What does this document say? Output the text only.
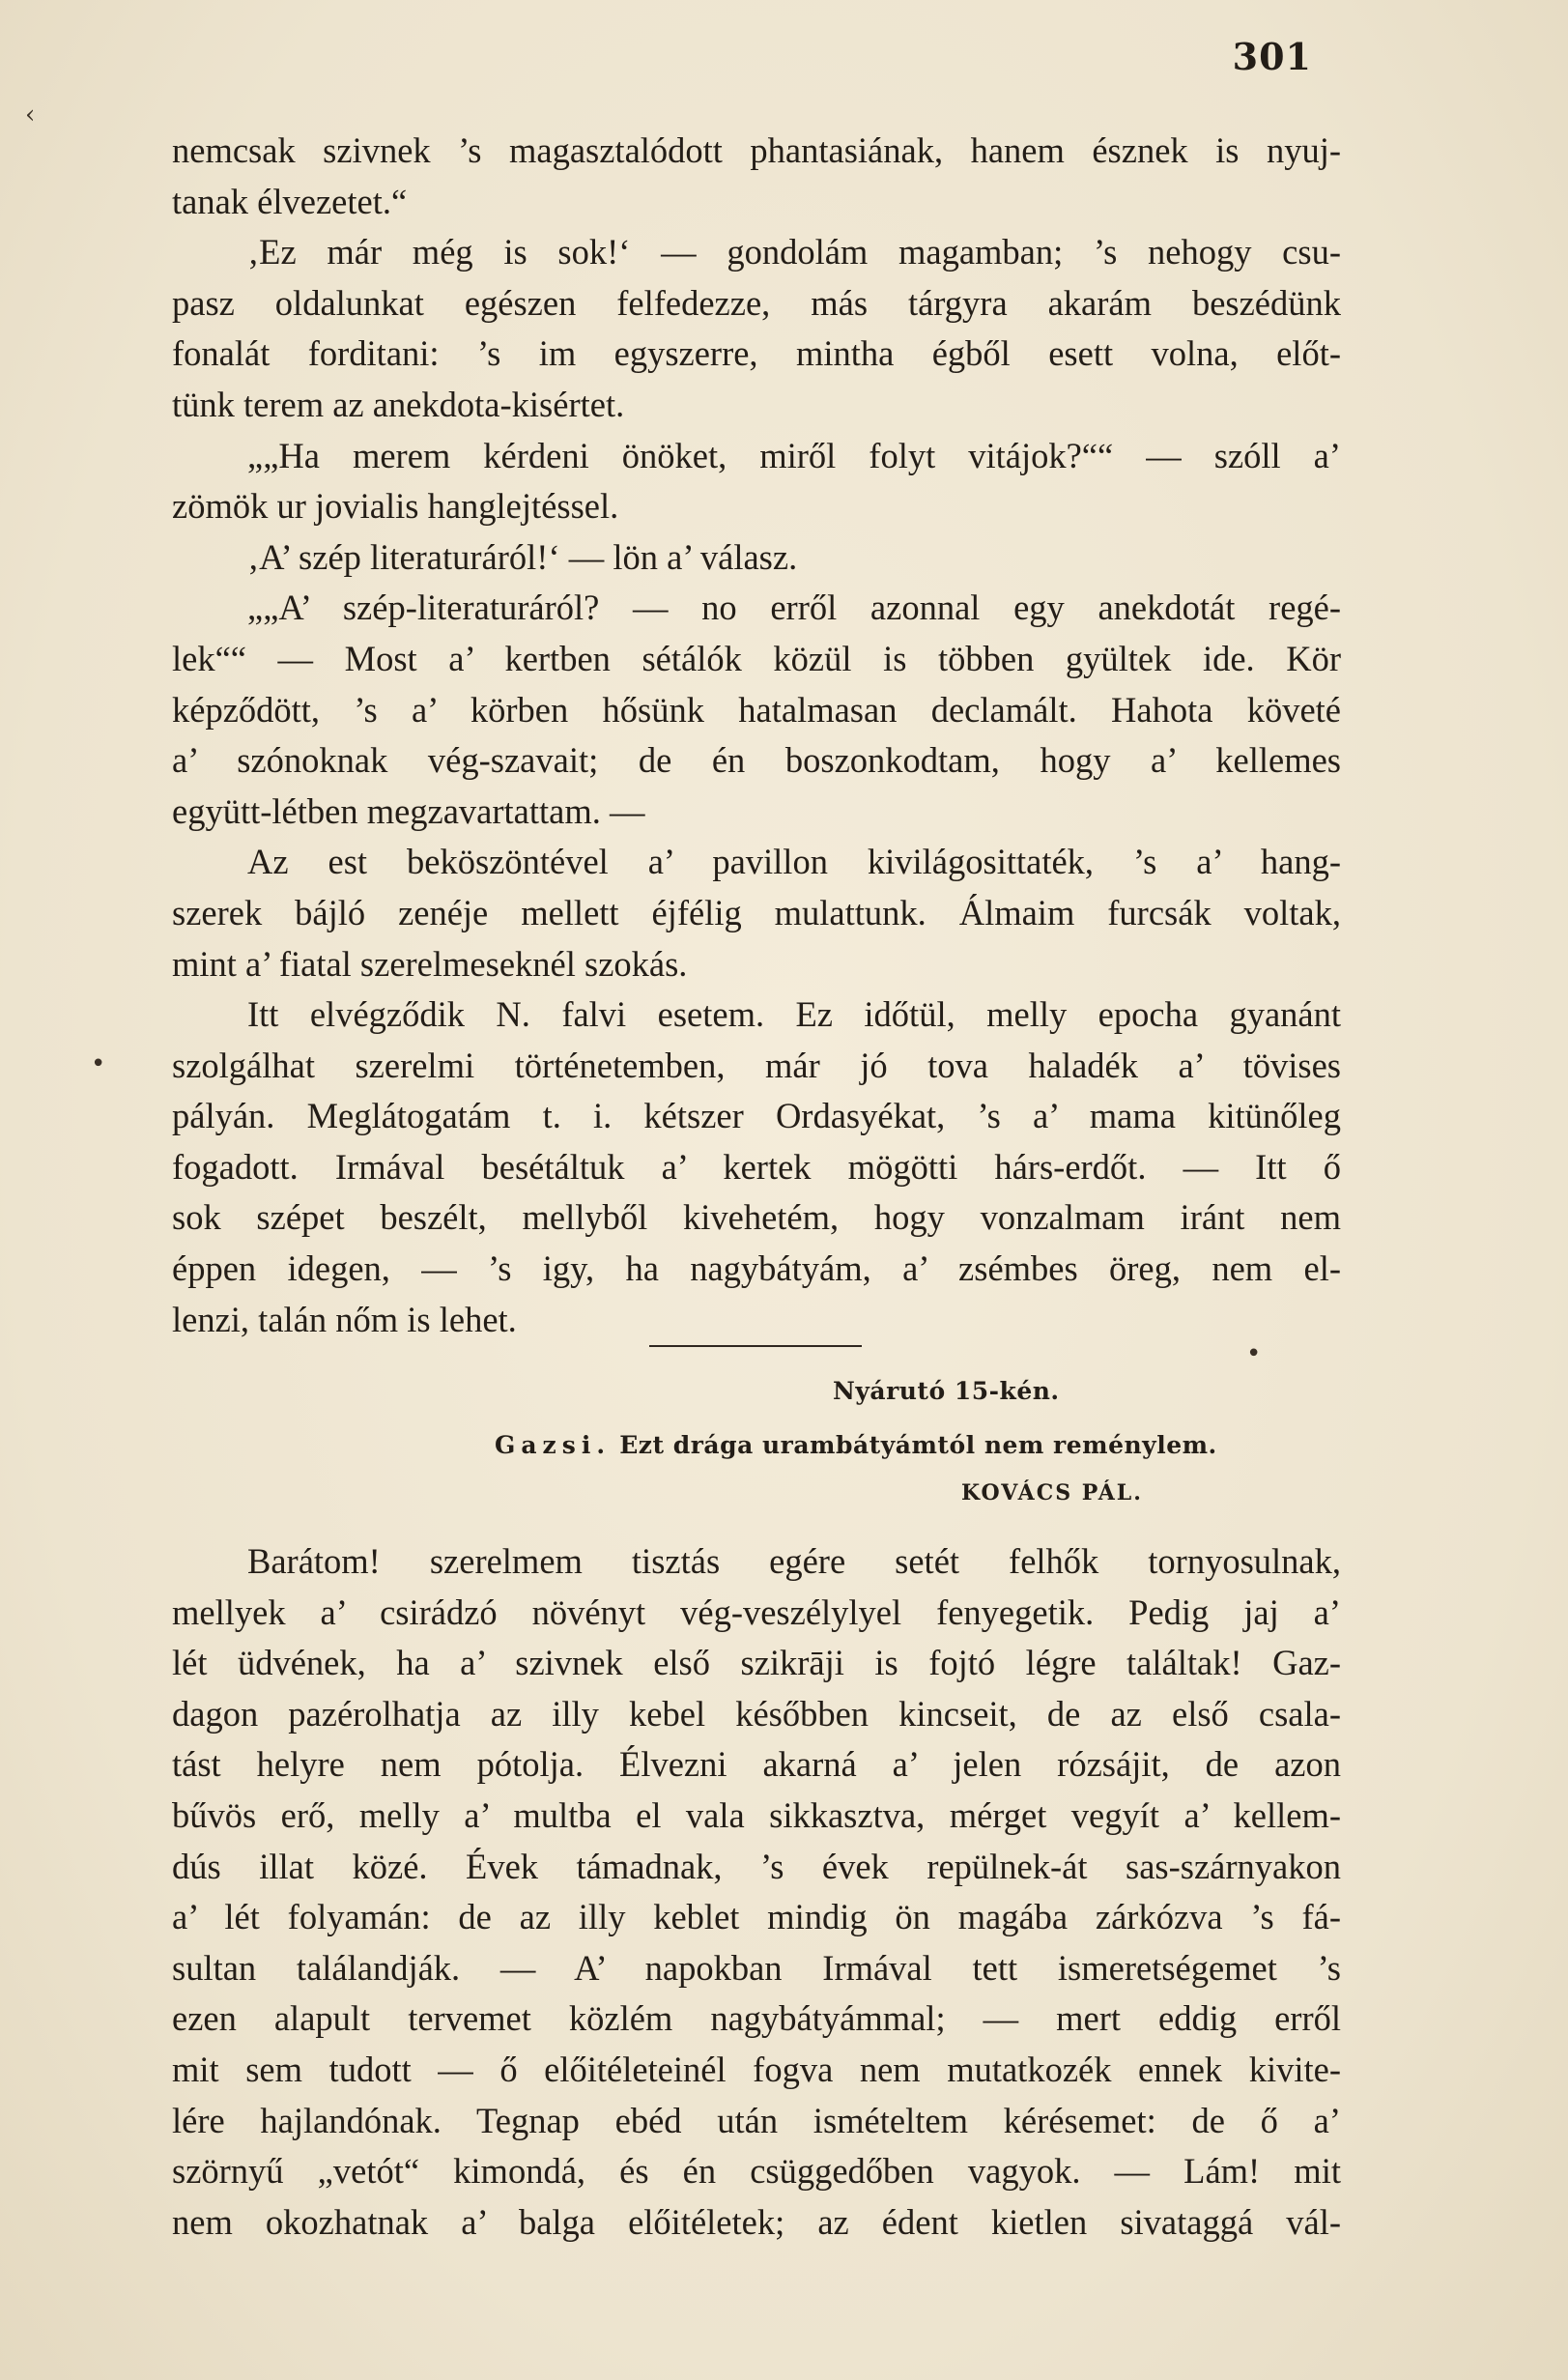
301
‹
•
•
nemcsak szivnek ’s magasztalódott phantasiának, hanem észnek is nyuj-
tanak élvezetet.“
‚Ez már még is sok!‘ — gondolám magamban; ’s nehogy csu-
pasz oldalunkat egészen felfedezze, más tárgyra akarám beszédünk
fonalát forditani: ’s im egyszerre, mintha égből esett volna, előt-
tünk terem az anekdota-kisértet.
„„Ha merem kérdeni önöket, miről folyt vitájok?““ — szóll a’
zömök ur jovialis hanglejtéssel.
‚A’ szép literaturáról!‘ — lön a’ válasz.
„„A’ szép-literaturáról? — no erről azonnal egy anekdotát regé-
lek““ — Most a’ kertben sétálók közül is többen gyültek ide. Kör
képződött, ’s a’ körben hősünk hatalmasan declamált. Hahota követé
a’ szónoknak vég-szavait; de én boszonkodtam, hogy a’ kellemes
együtt-létben megzavartattam. —
Az est beköszöntével a’ pavillon kivilágosittaték, ’s a’ hang-
szerek bájló zenéje mellett éjfélig mulattunk. Álmaim furcsák voltak,
mint a’ fiatal szerelmeseknél szokás.
Itt elvégződik N. falvi esetem. Ez időtül, melly epocha gyanánt
szolgálhat szerelmi történetemben, már jó tova haladék a’ tövises
pályán. Meglátogatám t. i. kétszer Ordasyékat, ’s a’ mama kitünőleg
fogadott. Irmával besétáltuk a’ kertek mögötti hárs-erdőt. — Itt ő
sok szépet beszélt, mellyből kivehetém, hogy vonzalmam iránt nem
éppen idegen, — ’s igy, ha nagybátyám, a’ zsémbes öreg, nem el-
lenzi, talán nőm is lehet.
Nyárutó 15-kén.
Gazsi. Ezt drága urambátyámtól nem reménylem.
KOVÁCS PÁL.
Barátom! szerelmem tisztás egére setét felhők tornyosulnak,
mellyek a’ csirádzó növényt vég-veszélylyel fenyegetik. Pedig jaj a’
lét üdvének, ha a’ szivnek első szikrāji is fojtó légre találtak! Gaz-
dagon pazérolhatja az illy kebel későbben kincseit, de az első csala-
tást helyre nem pótolja. Élvezni akarná a’ jelen rózsájit, de azon
bűvös erő, melly a’ multba el vala sikkasztva, mérget vegyít a’ kellem-
dús illat közé. Évek támadnak, ’s évek repülnek-át sas-szárnyakon
a’ lét folyamán: de az illy keblet mindig ön magába zárkózva ’s fá-
sultan találandják. — A’ napokban Irmával tett ismeretségemet ’s
ezen alapult tervemet közlém nagybátyámmal; — mert eddig erről
mit sem tudott — ő előitéleteinél fogva nem mutatkozék ennek kivite-
lére hajlandónak. Tegnap ebéd után ismételtem kérésemet: de ő a’
szörnyű „vetót“ kimondá, és én csüggedőben vagyok. — Lám! mit
nem okozhatnak a’ balga előitéletek; az édent kietlen sivataggá vál-
